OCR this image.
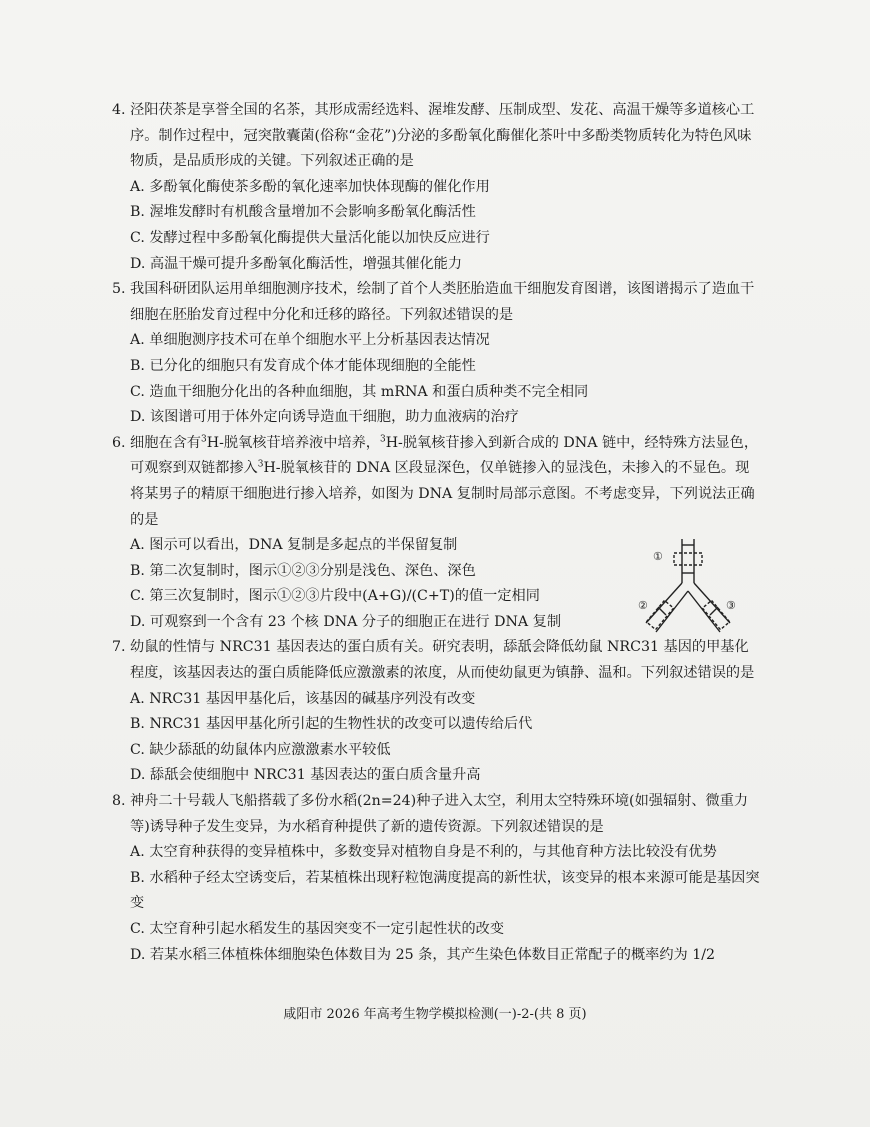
4. 泾阳茯茶是享誉全国的名茶，其形成需经选料、渥堆发酵、压制成型、发花、高温干燥等多道核心工序。制作过程中，冠突散囊菌(俗称“金花”)分泌的多酚氧化酶催化茶叶中多酚类物质转化为特色风味物质，是品质形成的关键。下列叙述正确的是

A. 多酚氧化酶使茶多酚的氧化速率加快体现酶的催化作用

B. 渥堆发酵时有机酸含量增加不会影响多酚氧化酶活性

C. 发酵过程中多酚氧化酶提供大量活化能以加快反应进行

D. 高温干燥可提升多酚氧化酶活性，增强其催化能力

5. 我国科研团队运用单细胞测序技术，绘制了首个人类胚胎造血干细胞发育图谱，该图谱揭示了造血干细胞在胚胎发育过程中分化和迁移的路径。下列叙述错误的是

A. 单细胞测序技术可在单个细胞水平上分析基因表达情况

B. 已分化的细胞只有发育成个体才能体现细胞的全能性

C. 造血干细胞分化出的各种血细胞，其 mRNA 和蛋白质种类不完全相同

D. 该图谱可用于体外定向诱导造血干细胞，助力血液病的治疗

6. 细胞在含有$^3$H-脱氧核苷培养液中培养，$^3$H-脱氧核苷掺入到新合成的 DNA 链中，经特殊方法显色，可观察到双链都掺入$^3$H-脱氧核苷的 DNA 区段显深色，仅单链掺入的显浅色，未掺入的不显色。现将某男子的精原干细胞进行掺入培养，如图为 DNA 复制时局部示意图。不考虑变异，下列说法正确的是

A. 图示可以看出，DNA 复制是多起点的半保留复制

B. 第二次复制时，图示①②③分别是浅色、深色、深色

C. 第三次复制时，图示①②③片段中(A+G)/(C+T)的值一定相同

D. 可观察到一个含有 23 个核 DNA 分子的细胞正在进行 DNA 复制

7. 幼鼠的性情与 NRC31 基因表达的蛋白质有关。研究表明，舔舐会降低幼鼠 NRC31 基因的甲基化程度，该基因表达的蛋白质能降低应激激素的浓度，从而使幼鼠更为镇静、温和。下列叙述错误的是

A. NRC31 基因甲基化后，该基因的碱基序列没有改变

B. NRC31 基因甲基化所引起的生物性状的改变可以遗传给后代

C. 缺少舔舐的幼鼠体内应激激素水平较低

D. 舔舐会使细胞中 NRC31 基因表达的蛋白质含量升高

8. 神舟二十号载人飞船搭载了多份水稻(2n=24)种子进入太空，利用太空特殊环境(如强辐射、微重力等)诱导种子发生变异，为水稻育种提供了新的遗传资源。下列叙述错误的是

A. 太空育种获得的变异植株中，多数变异对植物自身是不利的，与其他育种方法比较没有优势

B. 水稻种子经太空诱变后，若某植株出现籽粒饱满度提高的新性状，该变异的根本来源可能是基因突变

C. 太空育种引起水稻发生的基因突变不一定引起性状的改变

D. 若某水稻三体植株体细胞染色体数目为 25 条，其产生染色体数目正常配子的概率约为 1/2

①
②	③
咸阳市 2026 年高考生物学模拟检测(一)-2-(共 8 页)
